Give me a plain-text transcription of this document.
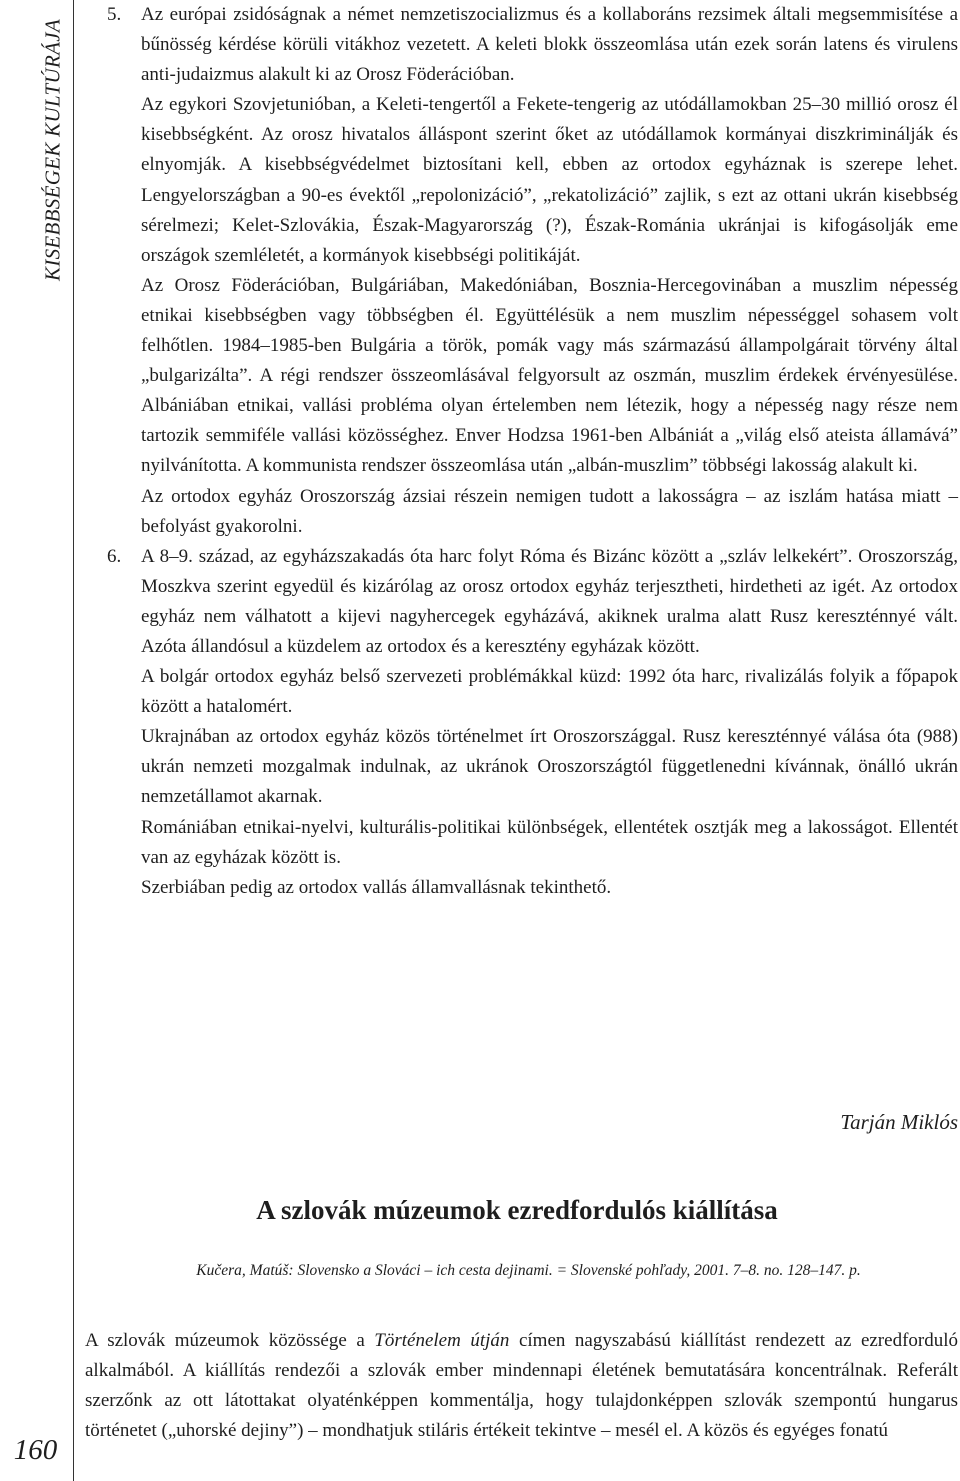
KISEBBSÉGEK KULTÚRÁJA
160
5.	Az európai zsidóságnak a német nemzetiszocializmus és a kollaboráns rezsimek általi megsemmisítése a bűnösség kérdése körüli vitákhoz vezetett. A keleti blokk összeomlása után ezek során latens és virulens anti-judaizmus alakult ki az Orosz Föderációban.

Az egykori Szovjetunióban, a Keleti-tengertől a Fekete-tengerig az utódállamokban 25–30 millió orosz él kisebbségként. Az orosz hivatalos álláspont szerint őket az utódállamok kormányai diszkriminálják és elnyomják. A kisebbségvédelmet biztosítani kell, ebben az ortodox egyháznak is szerepe lehet. Lengyelországban a 90-es évektől „repolonizáció”, „rekatolizáció” zajlik, s ezt az ottani ukrán kisebbség sérelmezi; Kelet-Szlovákia, Észak-Magyarország (?), Észak-Románia ukránjai is kifogásolják eme országok szemléletét, a kormányok kisebbségi politikáját.

Az Orosz Föderációban, Bulgáriában, Makedóniában, Bosznia-Hercegovinában a muszlim népesség etnikai kisebbségben vagy többségben él. Együttélésük a nem muszlim népességgel sohasem volt felhőtlen. 1984–1985-ben Bulgária a török, pomák vagy más származású állampolgárait törvény által „bulgarizálta”. A régi rendszer összeomlásával felgyorsult az oszmán, muszlim érdekek érvényesülése. Albániában etnikai, vallási probléma olyan értelemben nem létezik, hogy a népesség nagy része nem tartozik semmiféle vallási közösséghez. Enver Hodzsa 1961-ben Albániát a „világ első ateista államává” nyilvánította. A kommunista rendszer összeomlása után „albán-muszlim” többségi lakosság alakult ki.

Az ortodox egyház Oroszország ázsiai részein nemigen tudott a lakosságra – az iszlám hatása miatt – befolyást gyakorolni.

6.	A 8–9. század, az egyházszakadás óta harc folyt Róma és Bizánc között a „szláv lelkekért”. Oroszország, Moszkva szerint egyedül és kizárólag az orosz ortodox egyház terjesztheti, hirdetheti az igét. Az ortodox egyház nem válhatott a kijevi nagyhercegek egyházává, akiknek uralma alatt Rusz kereszténnyé vált. Azóta állandósul a küzdelem az ortodox és a keresztény egyházak között.

A bolgár ortodox egyház belső szervezeti problémákkal küzd: 1992 óta harc, rivalizálás folyik a főpapok között a hatalomért.

Ukrajnában az ortodox egyház közös történelmet írt Oroszországgal. Rusz kereszténnyé válása óta (988) ukrán nemzeti mozgalmak indulnak, az ukránok Oroszországtól függetlenedni kívánnak, önálló ukrán nemzetállamot akarnak.

Romániában etnikai-nyelvi, kulturális-politikai különbségek, ellentétek osztják meg a lakosságot. Ellentét van az egyházak között is.

Szerbiában pedig az ortodox vallás államvallásnak tekinthető.

Tarján Miklós
A szlovák múzeumok ezredfordulós kiállítása
Kučera, Matúš: Slovensko a Slováci – ich cesta dejinami. = Slovenské pohľady, 2001. 7–8. no. 128–147. p.

A szlovák múzeumok közössége a Történelem útján címen nagyszabású kiállítást rendezett az ezredforduló alkalmából. A kiállítás rendezői a szlovák ember mindennapi életének bemutatására koncentrálnak. Referált szerzőnk az ott látottakat olyaténképpen kommentálja, hogy tulajdonképpen szlovák szempontú hungarus történetet („uhorské dejiny”) – mondhatjuk stiláris értékeit tekintve – mesél el. A közös és egyéges fonatú
